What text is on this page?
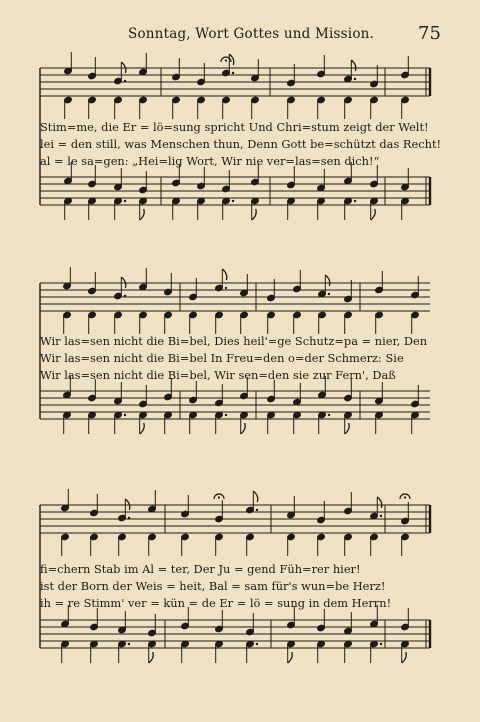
Sonntag, Wort Gottes und Mission. 75
Stim=me, die Er = lö=sung spricht Und Chri=stum zeigt der Welt!
lei = den still, was Menschen thun, Denn Gott be=schützt das Recht!
al = le sa=gen: „Hei=lig Wort, Wir nie ver=las=sen dich!“
Wir las=sen nicht die Bi=bel, Dies heil'=ge Schutz=pa = nier, Den
Wir las=sen nicht die Bi=bel In Freu=den o=der Schmerz: Sie
Wir las=sen nicht die Bi=bel, Wir sen=den sie zur Fern', Daß
fi=chern Stab im Al = ter, Der Ju = gend Füh=rer hier!
ist der Born der Weis = heit, Bal = sam für's wun=be Herz!
ih = re Stimm' ver = kün = de Er = lö = sung in dem Herrn!
